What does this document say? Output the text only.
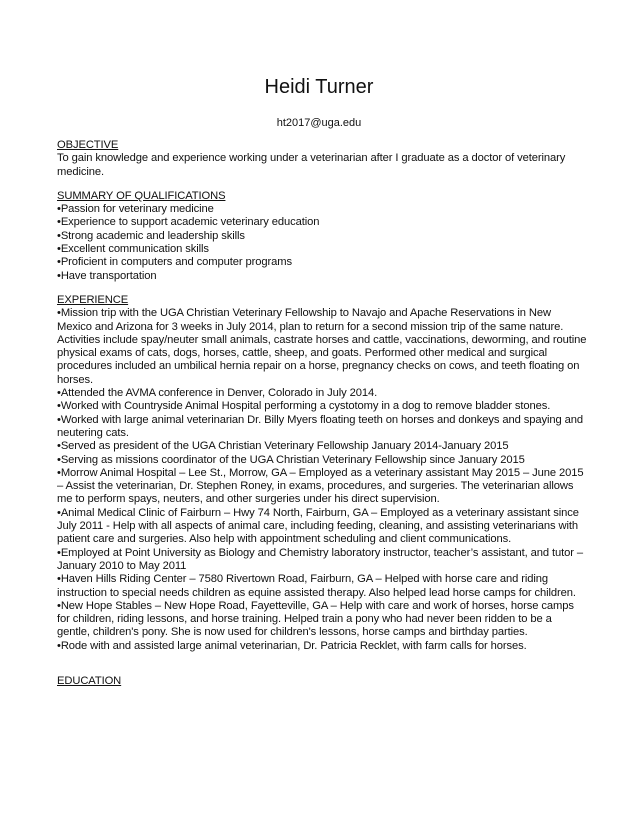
Heidi Turner
ht2017@uga.edu

OBJECTIVE

To gain knowledge and experience working under a veterinarian after I graduate as a doctor of veterinary medicine.

SUMMARY OF QUALIFICATIONS

•Passion for veterinary medicine

•Experience to support academic veterinary education

•Strong academic and leadership skills

•Excellent communication skills

•Proficient in computers and computer programs

•Have transportation

EXPERIENCE

•Mission trip with the UGA Christian Veterinary Fellowship to Navajo and Apache Reservations in New Mexico and Arizona for 3 weeks in July 2014, plan to return for a second mission trip of the same nature. Activities include spay/neuter small animals, castrate horses and cattle, vaccinations, deworming, and routine physical exams of cats, dogs, horses, cattle, sheep, and goats. Performed other medical and surgical procedures included an umbilical hernia repair on a horse, pregnancy checks on cows, and teeth floating on horses.

•Attended the AVMA conference in Denver, Colorado in July 2014.

•Worked with Countryside Animal Hospital performing a cystotomy in a dog to remove bladder stones.

•Worked with large animal veterinarian Dr. Billy Myers floating teeth on horses and donkeys and spaying and neutering cats.

•Served as president of the UGA Christian Veterinary Fellowship January 2014-January 2015

•Serving as missions coordinator of the UGA Christian Veterinary Fellowship since January 2015

•Morrow Animal Hospital – Lee St., Morrow, GA – Employed as a veterinary assistant May 2015 – June 2015 – Assist the veterinarian, Dr. Stephen Roney, in exams, procedures, and surgeries. The veterinarian allows me to perform spays, neuters, and other surgeries under his direct supervision.

•Animal Medical Clinic of Fairburn – Hwy 74 North, Fairburn, GA – Employed as a veterinary assistant since July 2011 - Help with all aspects of animal care, including feeding, cleaning, and assisting veterinarians with patient care and surgeries. Also help with appointment scheduling and client communications.

•Employed at Point University as Biology and Chemistry laboratory instructor, teacher’s assistant, and tutor – January 2010 to May 2011

•Haven Hills Riding Center – 7580 Rivertown Road, Fairburn, GA – Helped with horse care and riding instruction to special needs children as equine assisted therapy. Also helped lead horse camps for children.

•New Hope Stables – New Hope Road, Fayetteville, GA – Help with care and work of horses, horse camps for children, riding lessons, and horse training. Helped train a pony who had never been ridden to be a gentle, children's pony. She is now used for children's lessons, horse camps and birthday parties.

•Rode with and assisted large animal veterinarian, Dr. Patricia Recklet, with farm calls for horses.

EDUCATION
